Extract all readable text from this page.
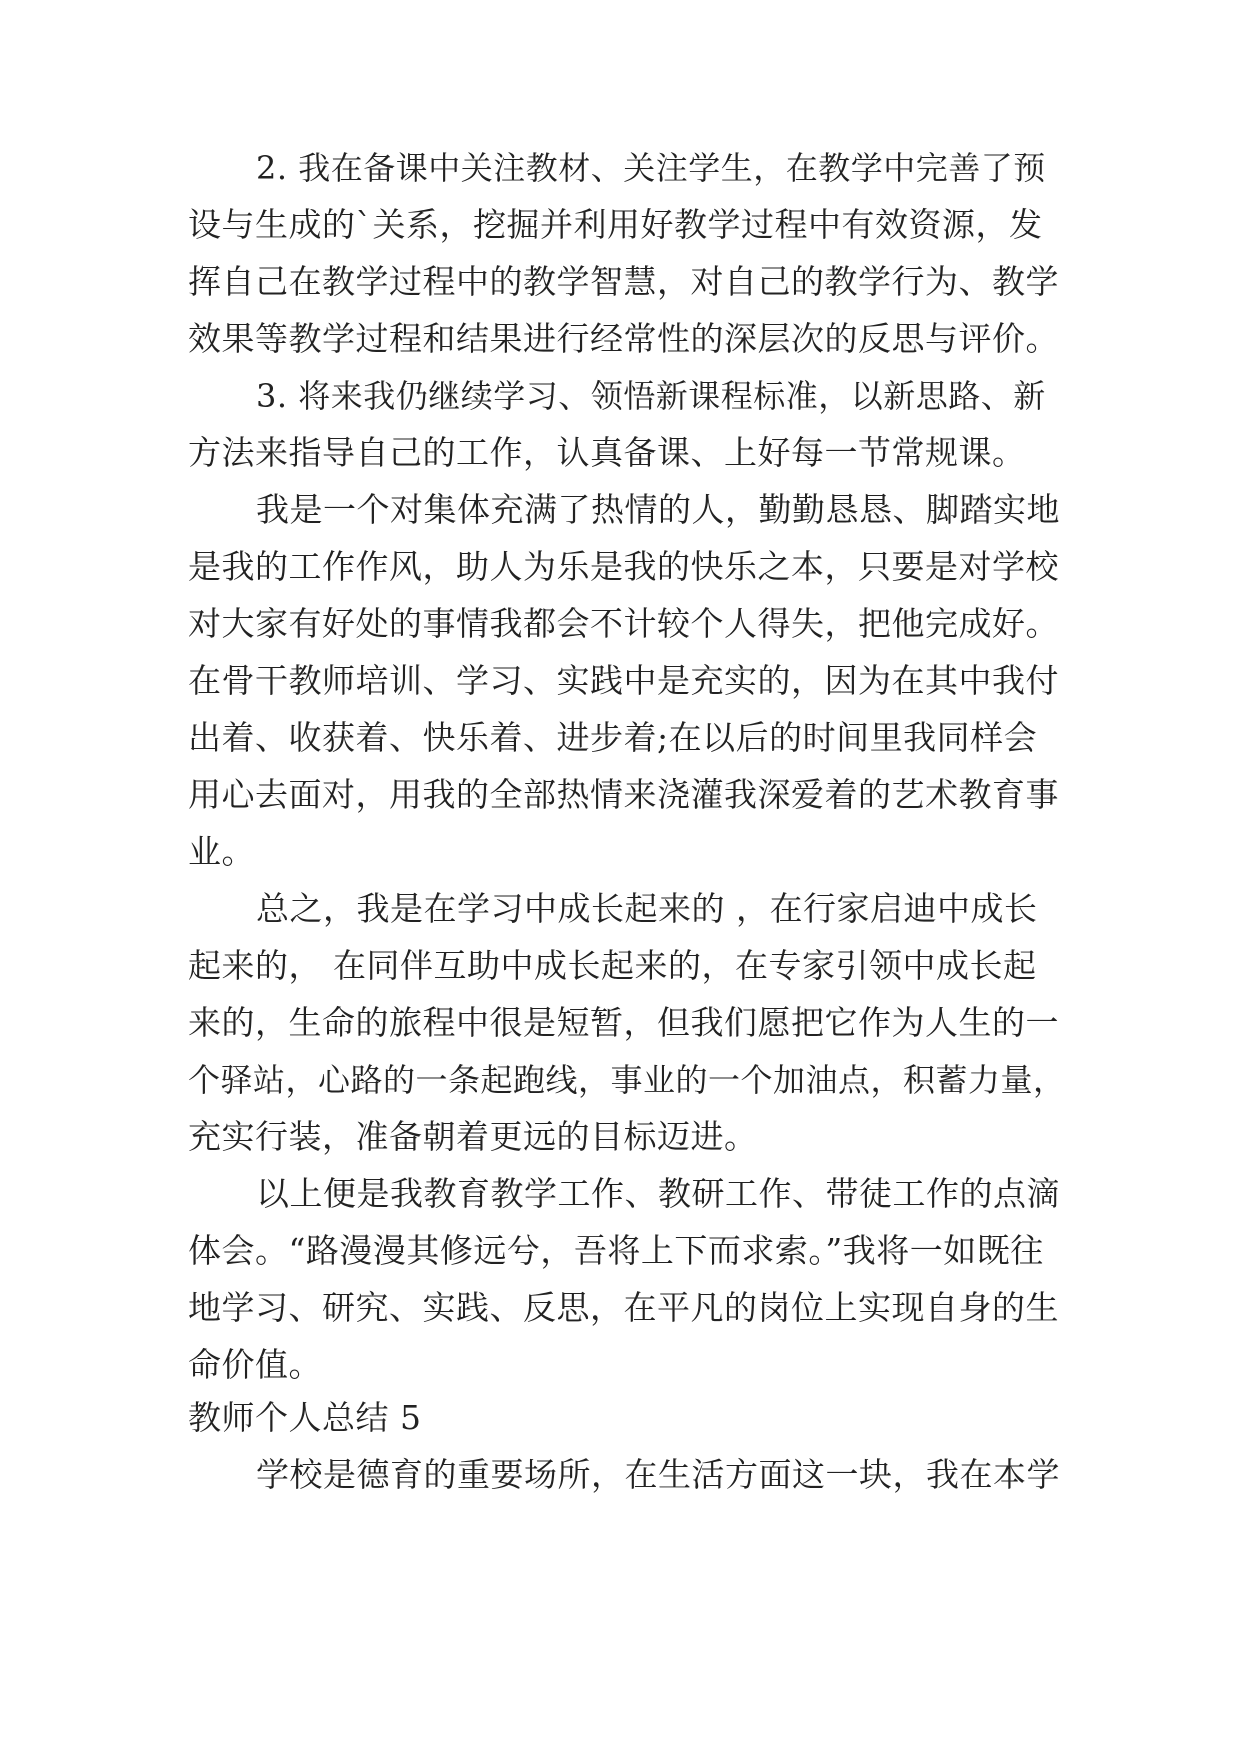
2. 我在备课中关注教材、关注学生，在教学中完善了预
设与生成的`关系，挖掘并利用好教学过程中有效资源，发
挥自己在教学过程中的教学智慧，对自己的教学行为、教学
效果等教学过程和结果进行经常性的深层次的反思与评价。
3. 将来我仍继续学习、领悟新课程标准，以新思路、新
方法来指导自己的工作，认真备课、上好每一节常规课。
我是一个对集体充满了热情的人，勤勤恳恳、脚踏实地
是我的工作作风，助人为乐是我的快乐之本，只要是对学校
对大家有好处的事情我都会不计较个人得失，把他完成好。
在骨干教师培训、学习、实践中是充实的，因为在其中我付
出着、收获着、快乐着、进步着;在以后的时间里我同样会
用心去面对，用我的全部热情来浇灌我深爱着的艺术教育事
业。
总之，我是在学习中成长起来的 ，在行家启迪中成长
起来的， 在同伴互助中成长起来的，在专家引领中成长起
来的，生命的旅程中很是短暂，但我们愿把它作为人生的一
个驿站，心路的一条起跑线，事业的一个加油点，积蓄力量，
充实行装，准备朝着更远的目标迈进。
以上便是我教育教学工作、教研工作、带徒工作的点滴
体会。“路漫漫其修远兮，吾将上下而求索。”我将一如既往
地学习、研究、实践、反思，在平凡的岗位上实现自身的生
命价值。
教师个人总结 5
学校是德育的重要场所，在生活方面这一块，我在本学
